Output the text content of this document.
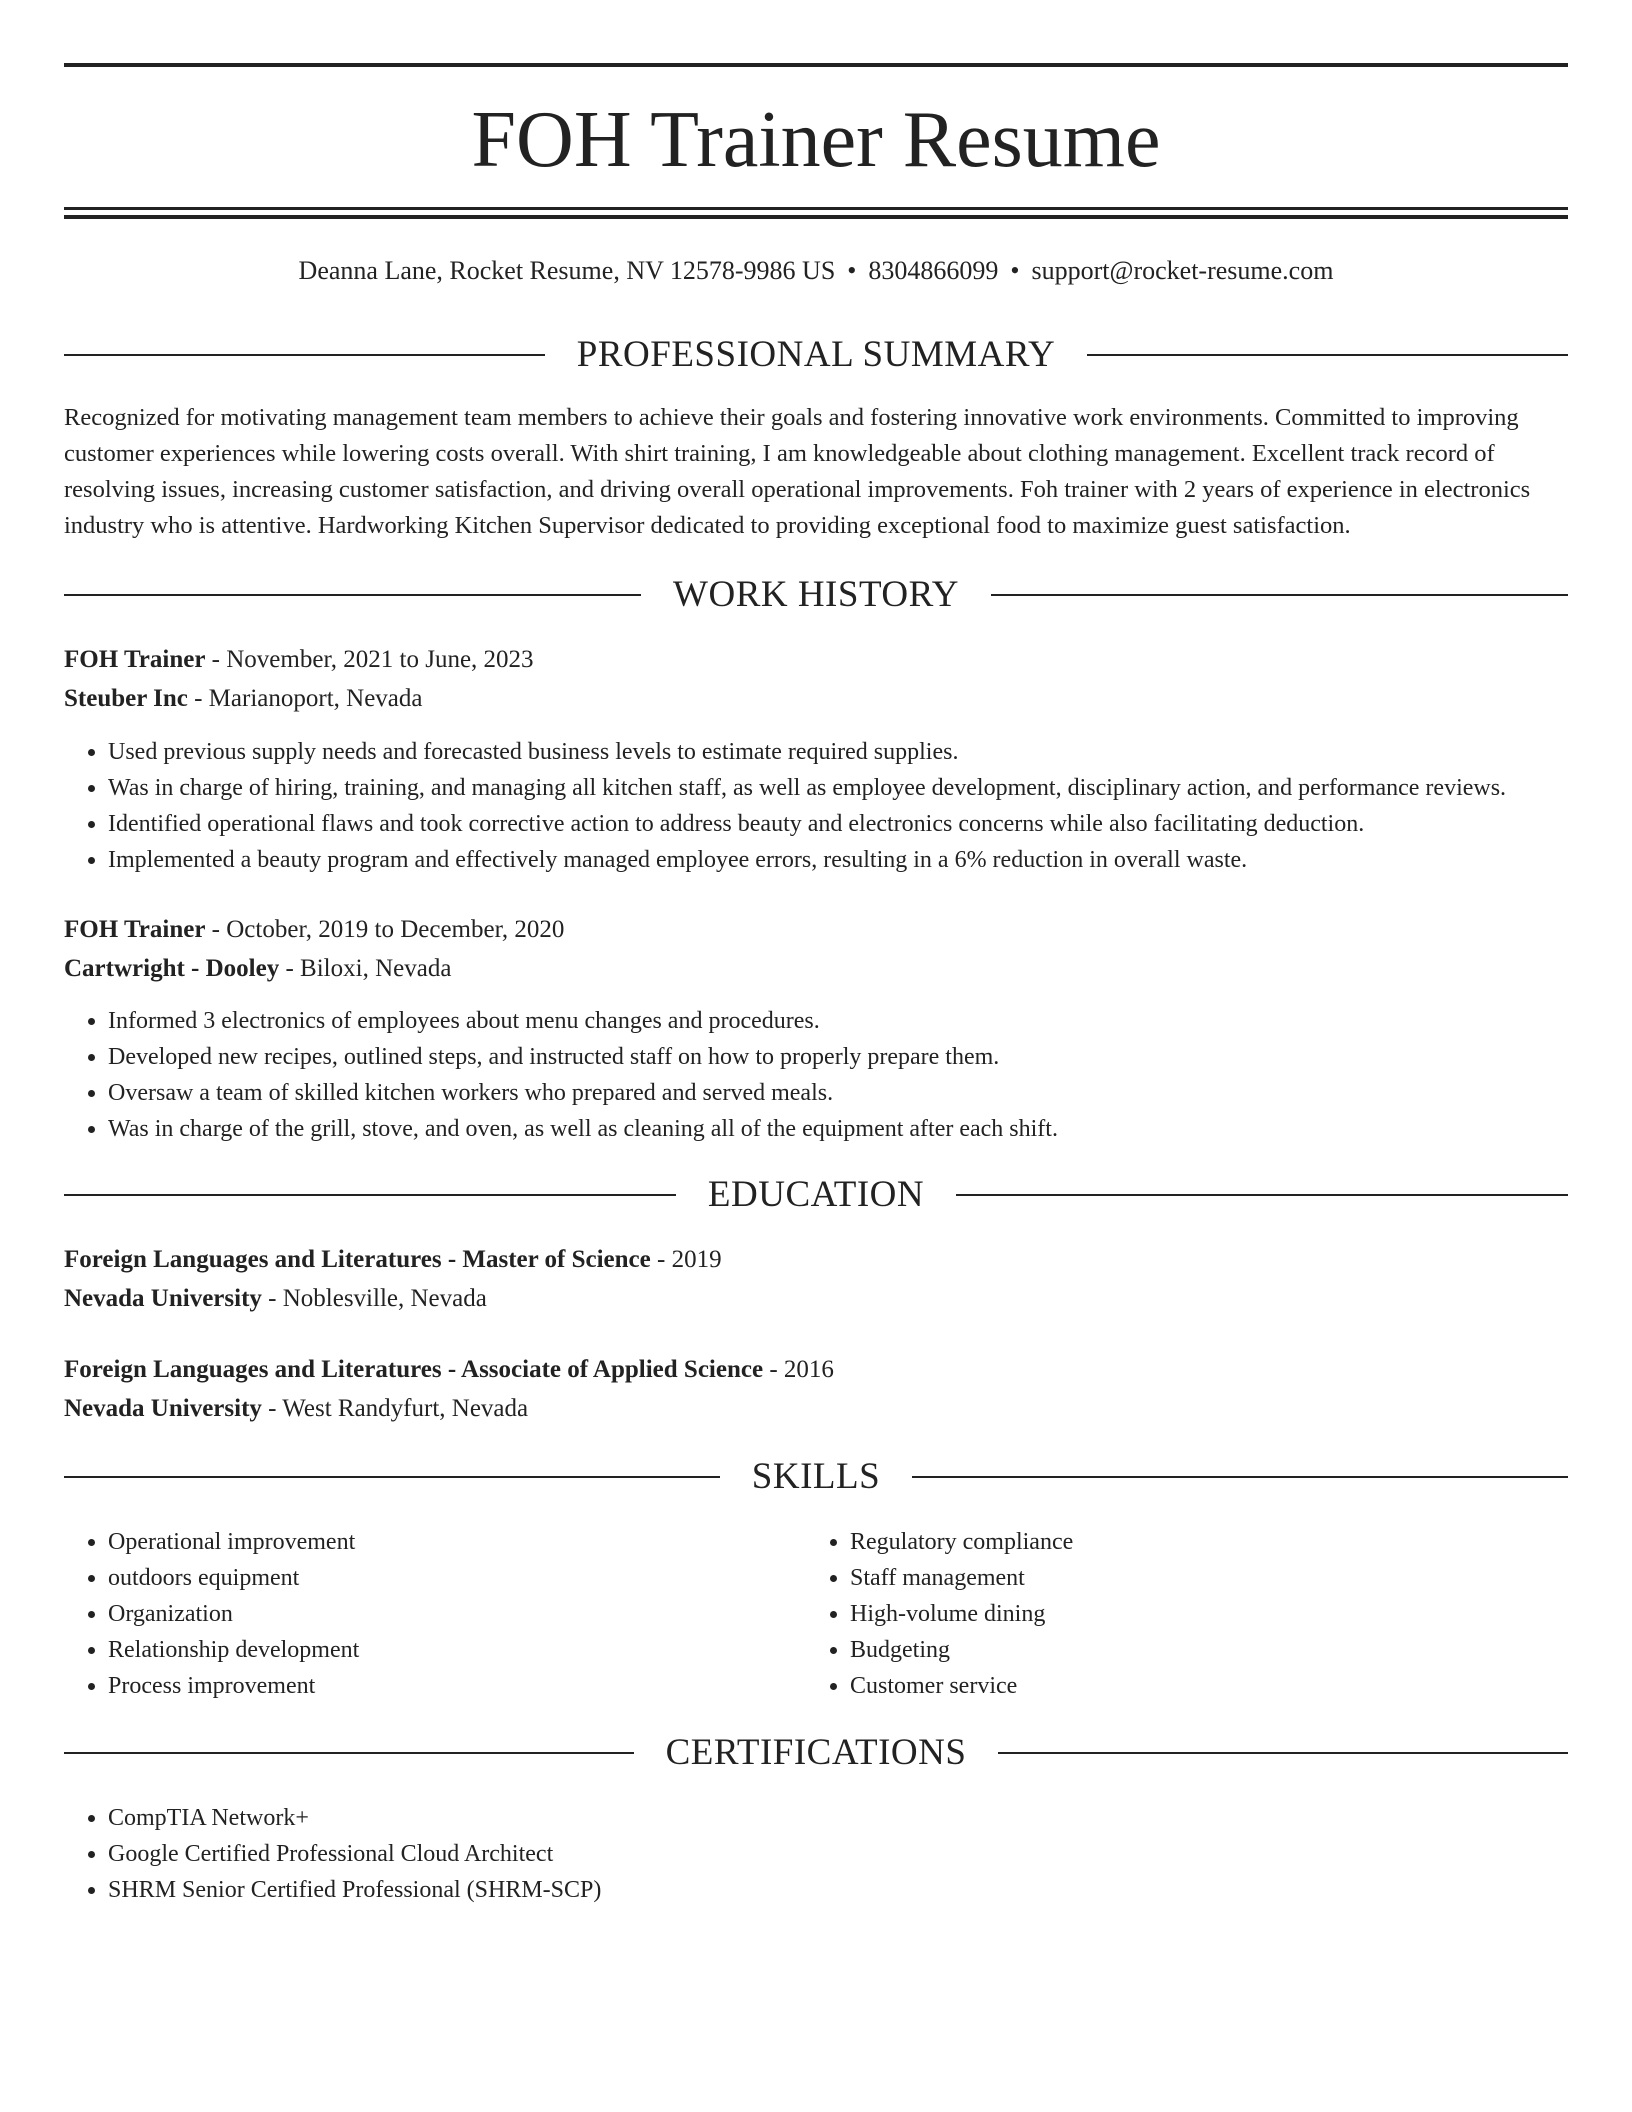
FOH Trainer Resume
Deanna Lane, Rocket Resume, NV 12578-9986 US • 8304866099 • support@rocket-resume.com
PROFESSIONAL SUMMARY

Recognized for motivating management team members to achieve their goals and fostering innovative work environments. Committed to improving customer experiences while lowering costs overall. With shirt training, I am knowledgeable about clothing management. Excellent track record of resolving issues, increasing customer satisfaction, and driving overall operational improvements. Foh trainer with 2 years of experience in electronics industry who is attentive. Hardworking Kitchen Supervisor dedicated to providing exceptional food to maximize guest satisfaction.

WORK HISTORY
FOH Trainer - November, 2021 to June, 2023
Steuber Inc - Marianoport, Nevada
• Used previous supply needs and forecasted business levels to estimate required supplies.
• Was in charge of hiring, training, and managing all kitchen staff, as well as employee development, disciplinary action, and performance reviews.
• Identified operational flaws and took corrective action to address beauty and electronics concerns while also facilitating deduction.
• Implemented a beauty program and effectively managed employee errors, resulting in a 6% reduction in overall waste.
FOH Trainer - October, 2019 to December, 2020
Cartwright - Dooley - Biloxi, Nevada
• Informed 3 electronics of employees about menu changes and procedures.
• Developed new recipes, outlined steps, and instructed staff on how to properly prepare them.
• Oversaw a team of skilled kitchen workers who prepared and served meals.
• Was in charge of the grill, stove, and oven, as well as cleaning all of the equipment after each shift.
EDUCATION
Foreign Languages and Literatures - Master of Science - 2019
Nevada University - Noblesville, Nevada
Foreign Languages and Literatures - Associate of Applied Science - 2016
Nevada University - West Randyfurt, Nevada
SKILLS
• Operational improvement
• outdoors equipment
• Organization
• Relationship development
• Process improvement
• Regulatory compliance
• Staff management
• High-volume dining
• Budgeting
• Customer service
CERTIFICATIONS
• CompTIA Network+
• Google Certified Professional Cloud Architect
• SHRM Senior Certified Professional (SHRM-SCP)
